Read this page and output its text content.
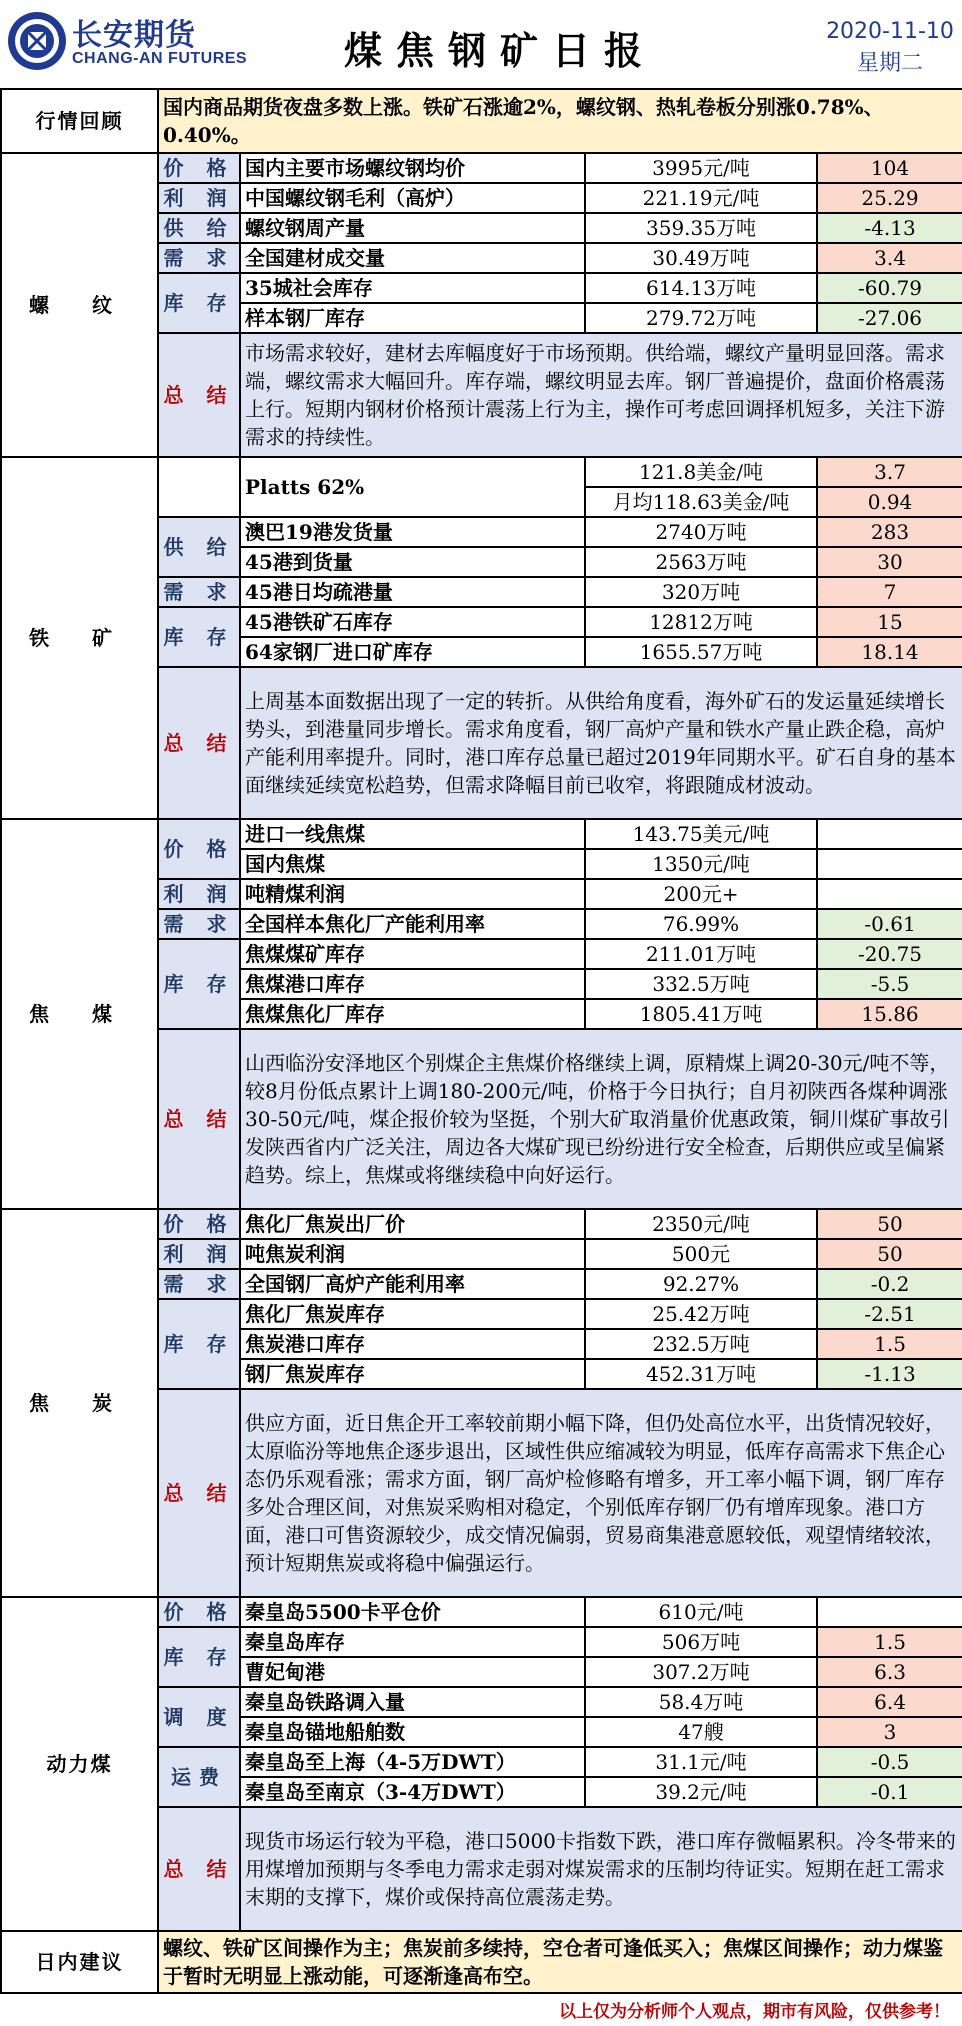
长安期货
CHANG-AN FUTURES	煤焦钢矿日报	2020-11-10
星期二
行情回顾	国内商品期货夜盘多数上涨。铁矿石涨逾2%，螺纹钢、热轧卷板分别涨0.78%、0.40%。			
螺 纹	价 格	国内主要市场螺纹钢均价	3995元/吨	104
	利 润	中国螺纹钢毛利（高炉）	221.19元/吨	25.29
	供 给	螺纹钢周产量	359.35万吨	-4.13
	需 求	全国建材成交量	30.49万吨	3.4
	库 存	35城社会库存	614.13万吨	-60.79
		样本钢厂库存	279.72万吨	-27.06
	总 结	市场需求较好，建材去库幅度好于市场预期。供给端，螺纹产量明显回落。需求端，螺纹需求大幅回升。库存端，螺纹明显去库。钢厂普遍提价，盘面价格震荡上行。短期内钢材价格预计震荡上行为主，操作可考虑回调择机短多，关注下游需求的持续性。		
铁 矿		Platts 62%	121.8美金/吨	3.7
			月均118.63美金/吨	0.94
	供 给	澳巴19港发货量	2740万吨	283
		45港到货量	2563万吨	30
	需 求	45港日均疏港量	320万吨	7
	库 存	45港铁矿石库存	12812万吨	15
		64家钢厂进口矿库存	1655.57万吨	18.14
	总 结	上周基本面数据出现了一定的转折。从供给角度看，海外矿石的发运量延续增长势头，到港量同步增长。需求角度看，钢厂高炉产量和铁水产量止跌企稳，高炉产能利用率提升。同时，港口库存总量已超过2019年同期水平。矿石自身的基本面继续延续宽松趋势，但需求降幅目前已收窄，将跟随成材波动。		
焦 煤	价 格	进口一线焦煤	143.75美元/吨	
		国内焦煤	1350元/吨	
	利 润	吨精煤利润	200元+	
	需 求	全国样本焦化厂产能利用率	76.99%	-0.61
	库 存	焦煤煤矿库存	211.01万吨	-20.75
		焦煤港口库存	332.5万吨	-5.5
		焦煤焦化厂库存	1805.41万吨	15.86
	总 结	山西临汾安泽地区个别煤企主焦煤价格继续上调，原精煤上调20-30元/吨不等，较8月份低点累计上调180-200元/吨，价格于今日执行；自月初陕西各煤种调涨30-50元/吨，煤企报价较为坚挺，个别大矿取消量价优惠政策，铜川煤矿事故引发陕西省内广泛关注，周边各大煤矿现已纷纷进行安全检查，后期供应或呈偏紧趋势。综上，焦煤或将继续稳中向好运行。		
焦 炭	价 格	焦化厂焦炭出厂价	2350元/吨	50
	利 润	吨焦炭利润	500元	50
	需 求	全国钢厂高炉产能利用率	92.27%	-0.2
	库 存	焦化厂焦炭库存	25.42万吨	-2.51
		焦炭港口库存	232.5万吨	1.5
		钢厂焦炭库存	452.31万吨	-1.13
	总 结	供应方面，近日焦企开工率较前期小幅下降，但仍处高位水平，出货情况较好，太原临汾等地焦企逐步退出，区域性供应缩减较为明显，低库存高需求下焦企心态仍乐观看涨；需求方面，钢厂高炉检修略有增多，开工率小幅下调，钢厂库存多处合理区间，对焦炭采购相对稳定，个别低库存钢厂仍有增库现象。港口方面，港口可售资源较少，成交情况偏弱，贸易商集港意愿较低，观望情绪较浓，预计短期焦炭或将稳中偏强运行。		
动力煤	价 格	秦皇岛5500卡平仓价	610元/吨	
	库 存	秦皇岛库存	506万吨	1.5
		曹妃甸港	307.2万吨	6.3
	调 度	秦皇岛铁路调入量	58.4万吨	6.4
		秦皇岛锚地船舶数	47艘	3
	运费	秦皇岛至上海（4-5万DWT）	31.1元/吨	-0.5
		秦皇岛至南京（3-4万DWT）	39.2元/吨	-0.1
	总 结	现货市场运行较为平稳，港口5000卡指数下跌，港口库存微幅累积。冷冬带来的用煤增加预期与冬季电力需求走弱对煤炭需求的压制均待证实。短期在赶工需求末期的支撑下，煤价或保持高位震荡走势。		
日内建议	螺纹、铁矿区间操作为主；焦炭前多续持，空仓者可逢低买入；焦煤区间操作；动力煤鉴于暂时无明显上涨动能，可逐渐逢高布空。			
以上仅为分析师个人观点，期市有风险，仅供参考！
